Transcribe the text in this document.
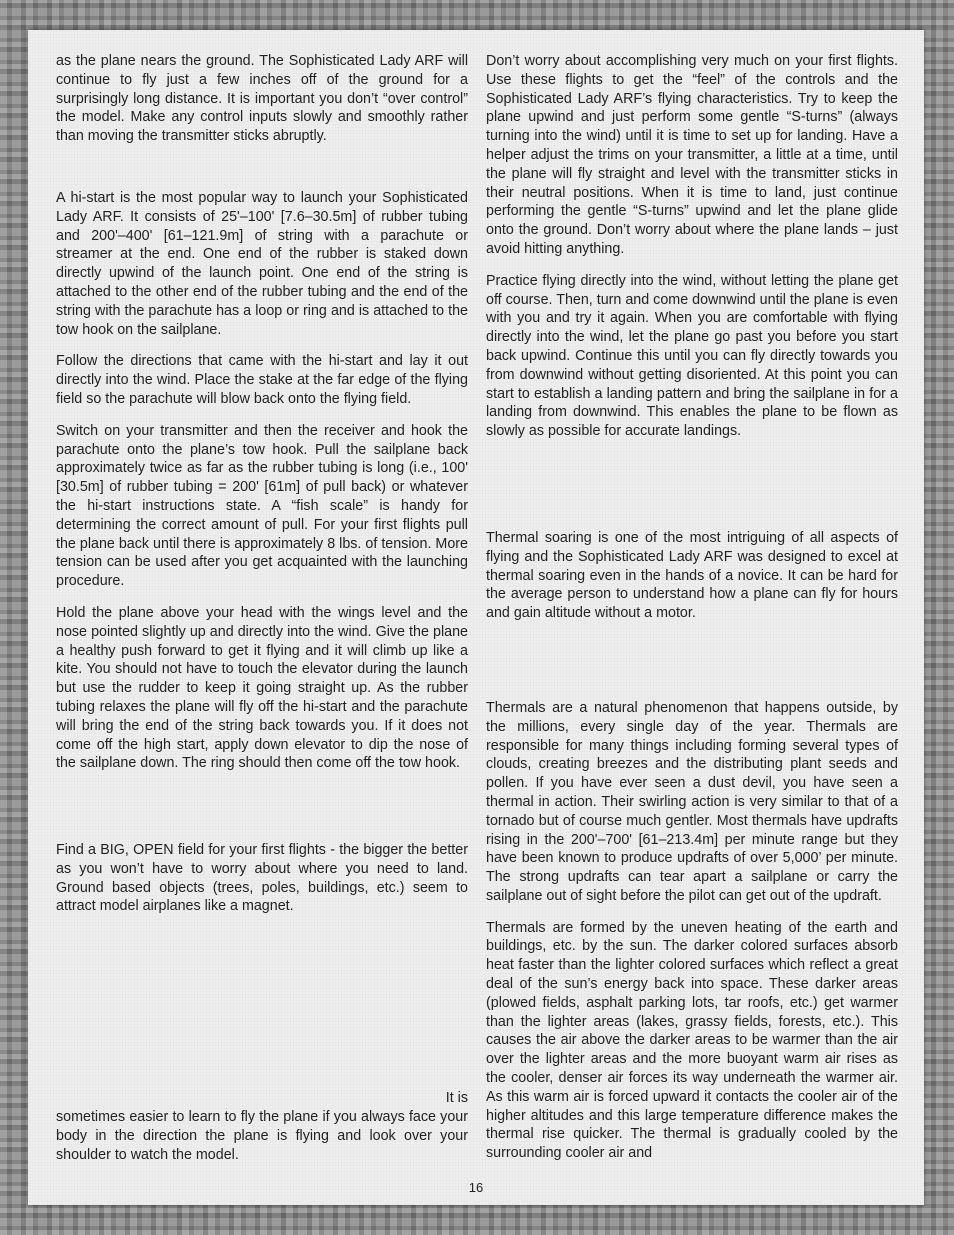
as the plane nears the ground. The Sophisticated Lady ARF will continue to fly just a few inches off of the ground for a surprisingly long distance. It is important you don’t “over control” the model. Make any control inputs slowly and smoothly rather than moving the transmitter sticks abruptly.

A hi-start is the most popular way to launch your Sophisticated Lady ARF. It consists of 25'–100' [7.6–30.5m] of rubber tubing and 200'–400' [61–121.9m] of string with a parachute or streamer at the end. One end of the rubber is staked down directly upwind of the launch point. One end of the string is attached to the other end of the rubber tubing and the end of the string with the parachute has a loop or ring and is attached to the tow hook on the sailplane.

Follow the directions that came with the hi-start and lay it out directly into the wind. Place the stake at the far edge of the flying field so the parachute will blow back onto the flying field.

Switch on your transmitter and then the receiver and hook the parachute onto the plane’s tow hook. Pull the sailplane back approximately twice as far as the rubber tubing is long (i.e., 100' [30.5m] of rubber tubing = 200' [61m] of pull back) or whatever the hi-start instructions state. A “fish scale” is handy for determining the correct amount of pull. For your first flights pull the plane back until there is approximately 8 lbs. of tension. More tension can be used after you get acquainted with the launching procedure.

Hold the plane above your head with the wings level and the nose pointed slightly up and directly into the wind. Give the plane a healthy push forward to get it flying and it will climb up like a kite. You should not have to touch the elevator during the launch but use the rudder to keep it going straight up. As the rubber tubing relaxes the plane will fly off the hi-start and the parachute will bring the end of the string back towards you. If it does not come off the high start, apply down elevator to dip the nose of the sailplane down. The ring should then come off the tow hook.

Find a BIG, OPEN field for your first flights - the bigger the better as you won’t have to worry about where you need to land. Ground based objects (trees, poles, buildings, etc.) seem to attract model airplanes like a magnet.

It is
sometimes easier to learn to fly the plane if you always face your body in the direction the plane is flying and look over your shoulder to watch the model.

Don’t worry about accomplishing very much on your first flights. Use these flights to get the “feel” of the controls and the Sophisticated Lady ARF’s flying characteristics. Try to keep the plane upwind and just perform some gentle “S-turns” (always turning into the wind) until it is time to set up for landing. Have a helper adjust the trims on your transmitter, a little at a time, until the plane will fly straight and level with the transmitter sticks in their neutral positions. When it is time to land, just continue performing the gentle “S-turns” upwind and let the plane glide onto the ground. Don’t worry about where the plane lands – just avoid hitting anything.

Practice flying directly into the wind, without letting the plane get off course. Then, turn and come downwind until the plane is even with you and try it again. When you are comfortable with flying directly into the wind, let the plane go past you before you start back upwind. Continue this until you can fly directly towards you from downwind without getting disoriented. At this point you can start to establish a landing pattern and bring the sailplane in for a landing from downwind. This enables the plane to be flown as slowly as possible for accurate landings.

Thermal soaring is one of the most intriguing of all aspects of flying and the Sophisticated Lady ARF was designed to excel at thermal soaring even in the hands of a novice. It can be hard for the average person to understand how a plane can fly for hours and gain altitude without a motor.

Thermals are a natural phenomenon that happens outside, by the millions, every single day of the year. Thermals are responsible for many things including forming several types of clouds, creating breezes and the distributing plant seeds and pollen. If you have ever seen a dust devil, you have seen a thermal in action. Their swirling action is very similar to that of a tornado but of course much gentler. Most thermals have updrafts rising in the 200'–700' [61–213.4m] per minute range but they have been known to produce updrafts of over 5,000’ per minute. The strong updrafts can tear apart a sailplane or carry the sailplane out of sight before the pilot can get out of the updraft.

Thermals are formed by the uneven heating of the earth and buildings, etc. by the sun. The darker colored surfaces absorb heat faster than the lighter colored surfaces which reflect a great deal of the sun’s energy back into space. These darker areas (plowed fields, asphalt parking lots, tar roofs, etc.) get warmer than the lighter areas (lakes, grassy fields, forests, etc.). This causes the air above the darker areas to be warmer than the air over the lighter areas and the more buoyant warm air rises as the cooler, denser air forces its way underneath the warmer air. As this warm air is forced upward it contacts the cooler air of the higher altitudes and this large temperature difference makes the thermal rise quicker. The thermal is gradually cooled by the surrounding cooler air and

16
